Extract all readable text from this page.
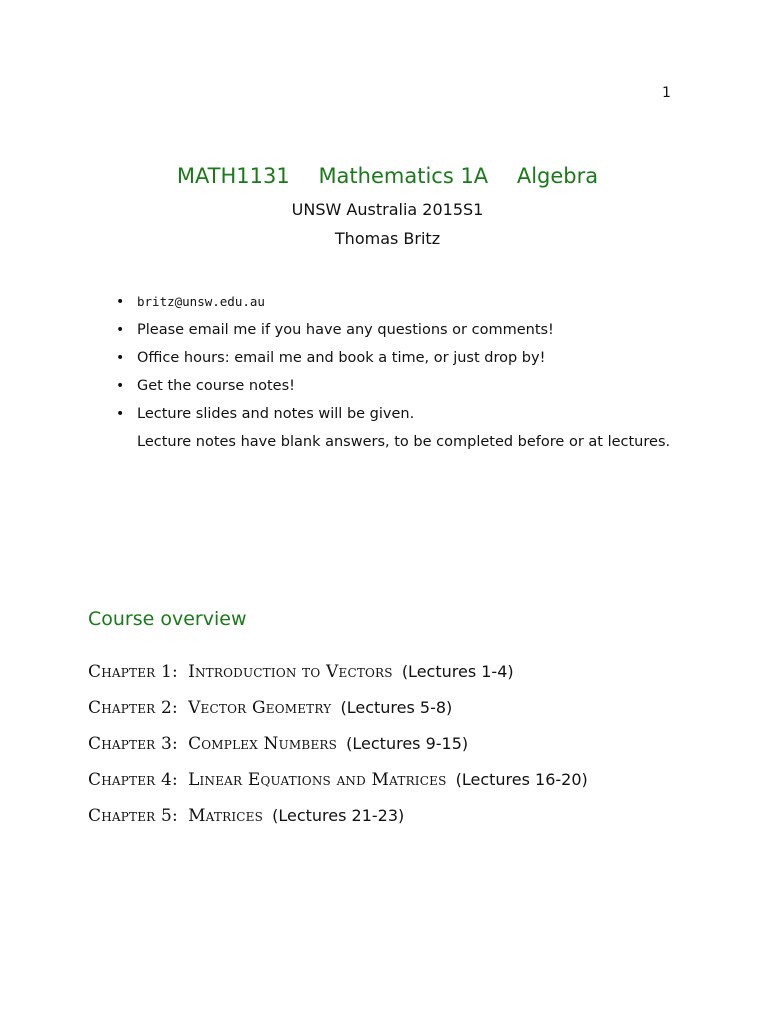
1
MATH1131 Mathematics 1A Algebra
UNSW Australia 2015S1
Thomas Britz
• britz@unsw.edu.au
• Please email me if you have any questions or comments!
• Office hours: email me and book a time, or just drop by!
• Get the course notes!
• Lecture slides and notes will be given.
Lecture notes have blank answers, to be completed before or at lectures.
Course overview
Chapter 1: Introduction to Vectors (Lectures 1-4)
Chapter 2: Vector Geometry (Lectures 5-8)
Chapter 3: Complex Numbers (Lectures 9-15)
Chapter 4: Linear Equations and Matrices (Lectures 16-20)
Chapter 5: Matrices (Lectures 21-23)
